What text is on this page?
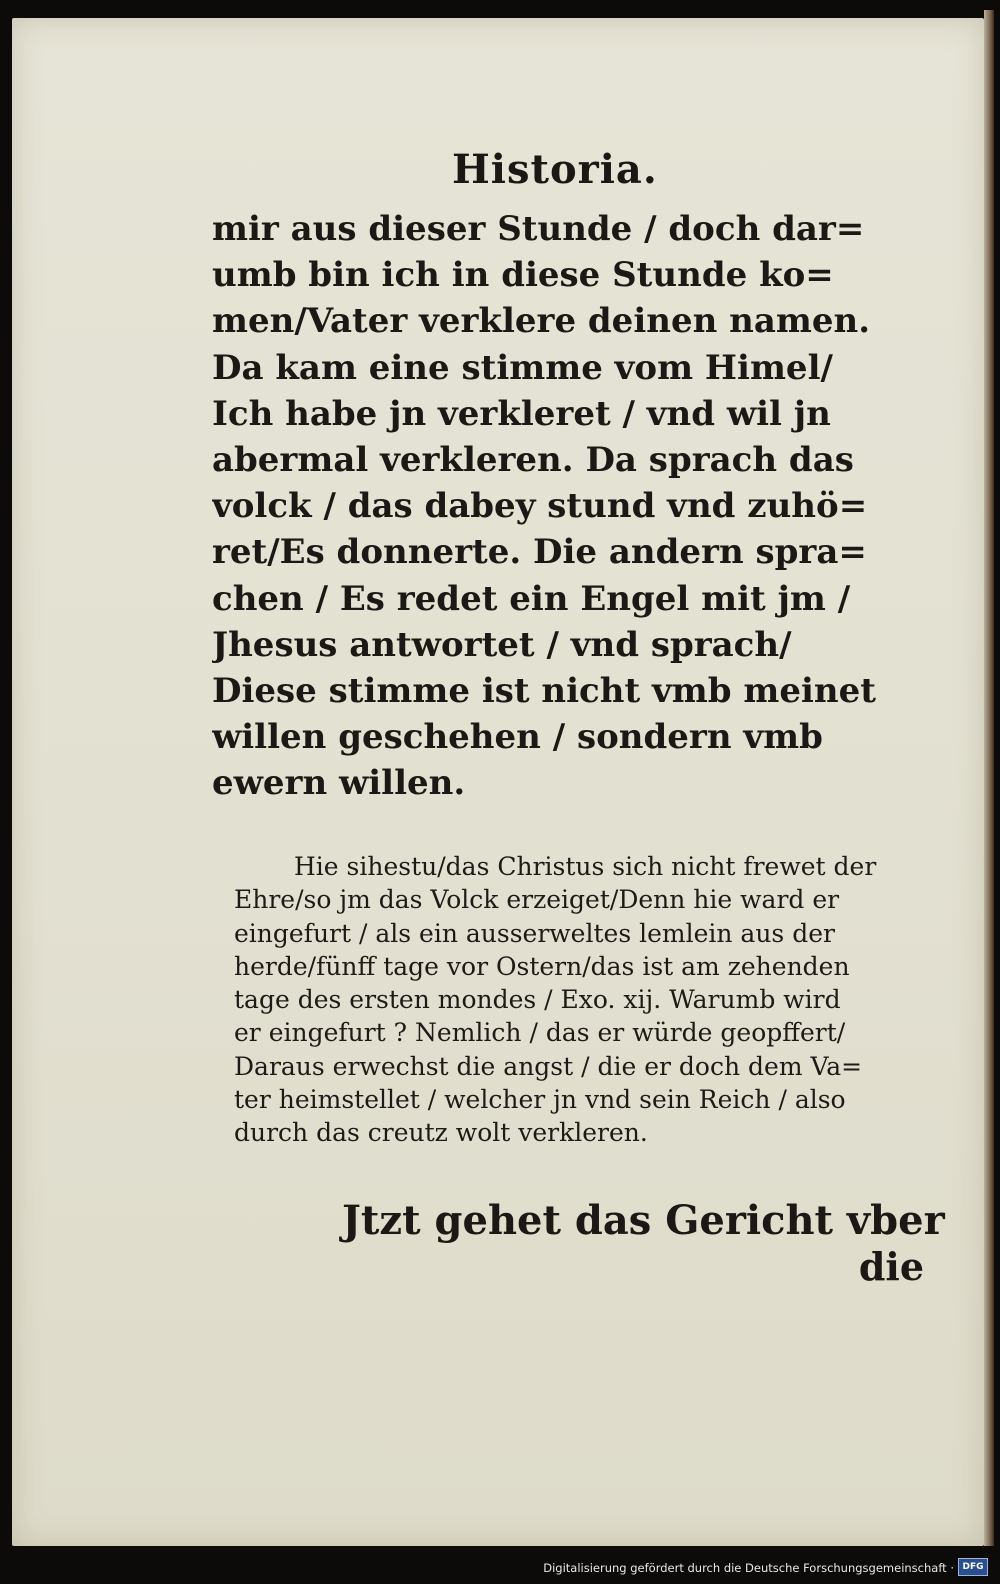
Historia.
mir aus dieser Stunde / doch dar=
umb bin ich in diese Stunde ko=
men/Vater verklere deinen namen.
Da kam eine stimme vom Himel/
Ich habe jn verkleret / vnd wil jn
abermal verkleren. Da sprach das
volck / das dabey stund vnd zuhö=
ret/Es donnerte. Die andern spra=
chen / Es redet ein Engel mit jm /
Jhesus antwortet / vnd sprach/
Diese stimme ist nicht vmb meinet
willen geschehen / sondern vmb
ewern willen.
Hie sihestu/das Christus sich nicht frewet der
Ehre/so jm das Volck erzeiget/Denn hie ward er
eingefurt / als ein ausserweltes lemlein aus der
herde/fünff tage vor Ostern/das ist am zehenden
tage des ersten mondes / Exo. xij. Warumb wird
er eingefurt ? Nemlich / das er würde geopffert/
Daraus erwechst die angst / die er doch dem Va=
ter heimstellet / welcher jn vnd sein Reich / also
durch das creutz wolt verkleren.
Jtzt gehet das Gericht vber
die
Digitalisierung gefördert durch die Deutsche Forschungsgemeinschaft · DFG
